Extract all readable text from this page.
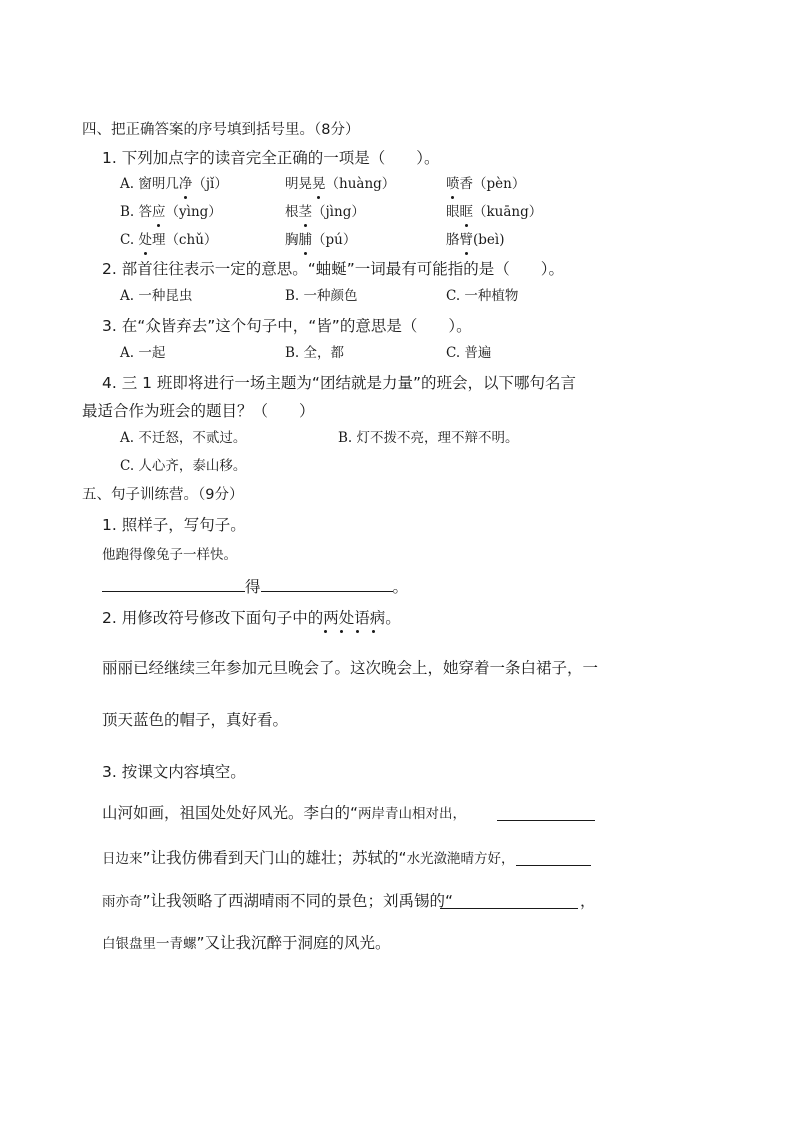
四、把正确答案的序号填到括号里。（8分）
1. 下列加点字的读音完全正确的一项是（　　）。
A. 窗明几净（jǐ）	明晃晃（huàng）	喷香（pèn）
B. 答应（yìng）	根茎（jìng）	眼眶（kuāng）
C. 处理（chǔ）	胸脯（pú）	胳臂(beì)
2. 部首往往表示一定的意思。“蚰蜒”一词最有可能指的是（　　）。
A. 一种昆虫	B. 一种颜色	C. 一种植物
3. 在“众皆弃去”这个句子中，“皆”的意思是（　　）。
A. 一起	B. 全，都	C. 普遍
4. 三 1 班即将进行一场主题为“团结就是力量”的班会，以下哪句名言
最适合作为班会的题目？（　　）
A. 不迁怒，不贰过。	B. 灯不拨不亮，理不辩不明。
C. 人心齐，泰山移。
五、句子训练营。（9分）
1. 照样子，写句子。
他跑得像兔子一样快。
得	。
2. 用修改符号修改下面句子中的两处语病。
丽丽已经继续三年参加元旦晚会了。这次晚会上，她穿着一条白裙子，一
顶天蓝色的帽子，真好看。
3. 按课文内容填空。
山河如画，祖国处处好风光。李白的“两岸青山相对出，
日边来”让我仿佛看到天门山的雄壮；苏轼的“水光潋滟晴方好，
雨亦奇”让我领略了西湖晴雨不同的景色；刘禹锡的“	，
白银盘里一青螺”又让我沉醉于洞庭的风光。
